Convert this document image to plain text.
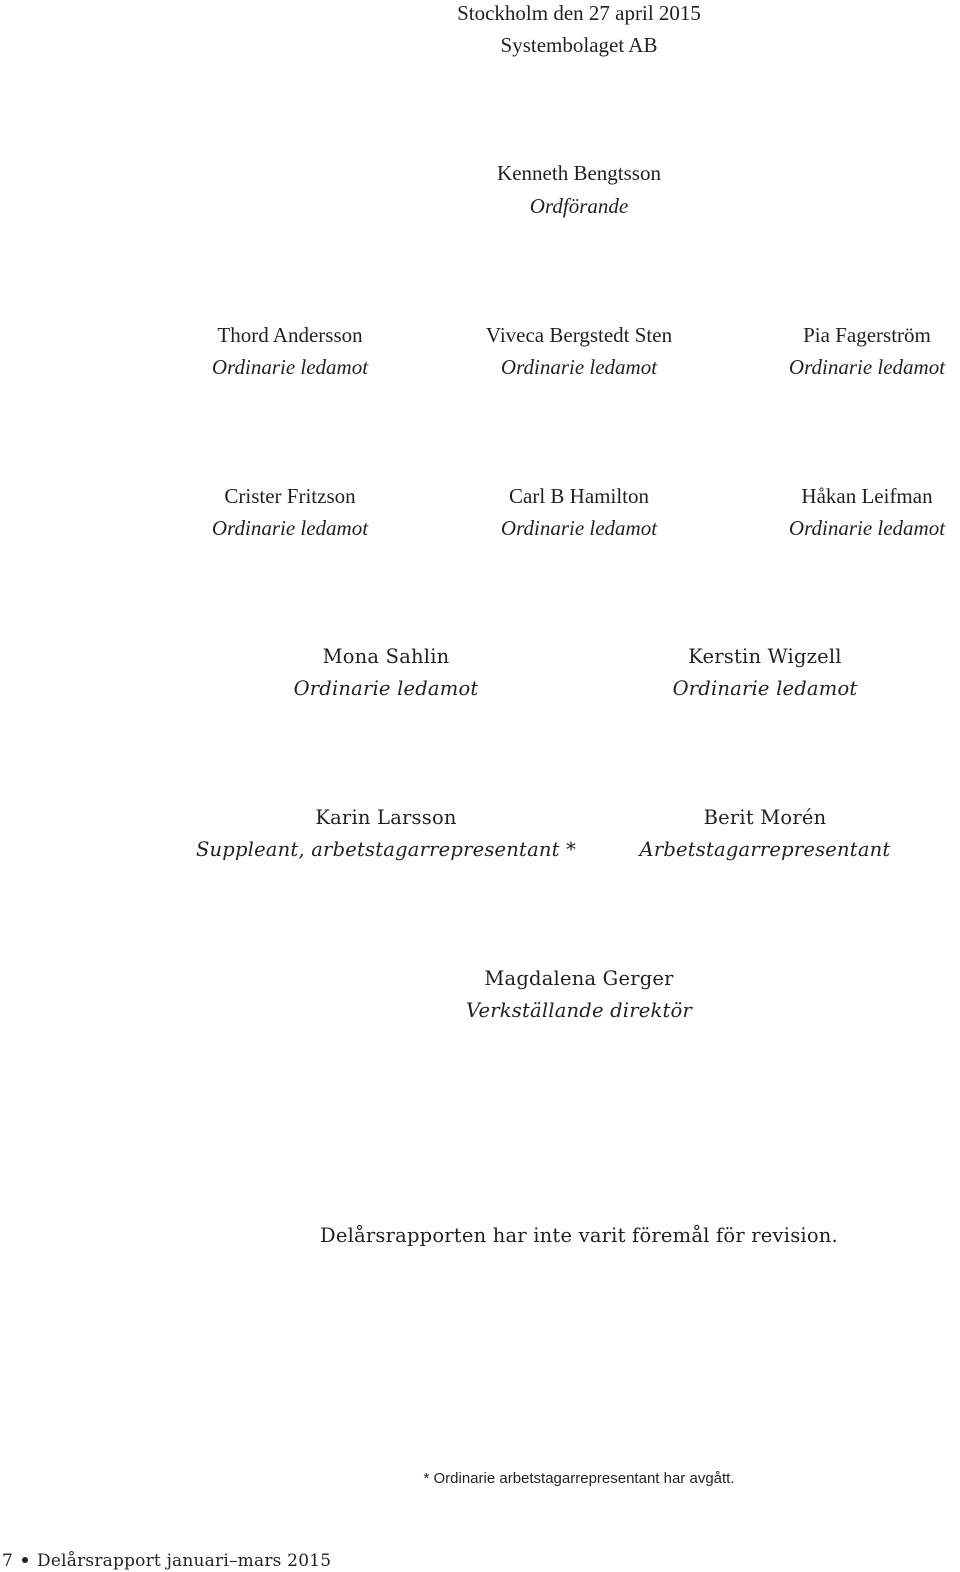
Stockholm den 27 april 2015
Systembolaget AB
Kenneth Bengtsson
Ordförande
Thord Andersson
Ordinarie ledamot
Viveca Bergstedt Sten
Ordinarie ledamot
Pia Fagerström
Ordinarie ledamot
Crister Fritzson
Ordinarie ledamot
Carl B Hamilton
Ordinarie ledamot
Håkan Leifman
Ordinarie ledamot
Mona Sahlin
Ordinarie ledamot
Kerstin Wigzell
Ordinarie ledamot
Karin Larsson
Suppleant, arbetstagarrepresentant *
Berit Morén
Arbetstagarrepresentant
Magdalena Gerger
Verkställande direktör
Delårsrapporten har inte varit föremål för revision.
* Ordinarie arbetstagarrepresentant har avgått.
7 Delårsrapport januari–mars 2015
